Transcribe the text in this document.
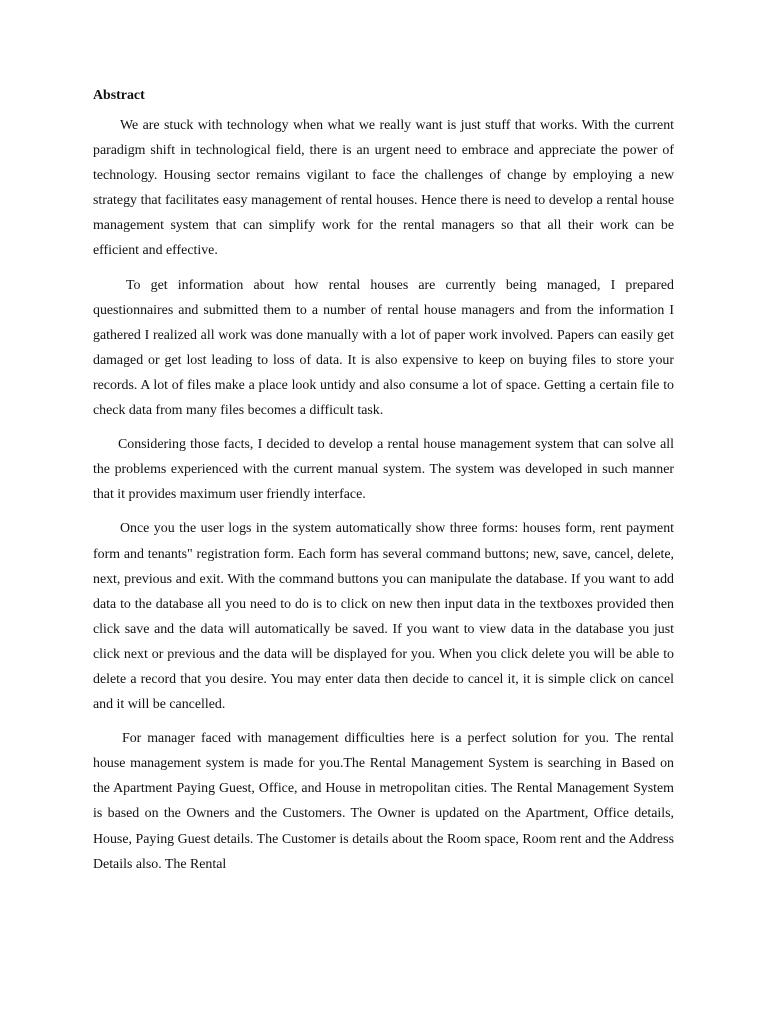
Abstract

We are stuck with technology when what we really want is just stuff that works. With the current paradigm shift in technological field, there is an urgent need to embrace and appreciate the power of technology. Housing sector remains vigilant to face the challenges of change by employing a new strategy that facilitates easy management of rental houses. Hence there is need to develop a rental house management system that can simplify work for the rental managers so that all their work can be efficient and effective.

To get information about how rental houses are currently being managed, I prepared questionnaires and submitted them to a number of rental house managers and from the information I gathered I realized all work was done manually with a lot of paper work involved. Papers can easily get damaged or get lost leading to loss of data. It is also expensive to keep on buying files to store your records. A lot of files make a place look untidy and also consume a lot of space. Getting a certain file to check data from many files becomes a difficult task.

Considering those facts, I decided to develop a rental house management system that can solve all the problems experienced with the current manual system. The system was developed in such manner that it provides maximum user friendly interface.

Once you the user logs in the system automatically show three forms: houses form, rent payment form and tenants" registration form. Each form has several command buttons; new, save, cancel, delete, next, previous and exit. With the command buttons you can manipulate the database. If you want to add data to the database all you need to do is to click on new then input data in the textboxes provided then click save and the data will automatically be saved. If you want to view data in the database you just click next or previous and the data will be displayed for you. When you click delete you will be able to delete a record that you desire. You may enter data then decide to cancel it, it is simple click on cancel and it will be cancelled.

For manager faced with management difficulties here is a perfect solution for you. The rental house management system is made for you.The Rental Management System is searching in Based on the Apartment Paying Guest, Office, and House in metropolitan cities. The Rental Management System is based on the Owners and the Customers. The Owner is updated on the Apartment, Office details, House, Paying Guest details. The Customer is details about the Room space, Room rent and the Address Details also. The Rental
